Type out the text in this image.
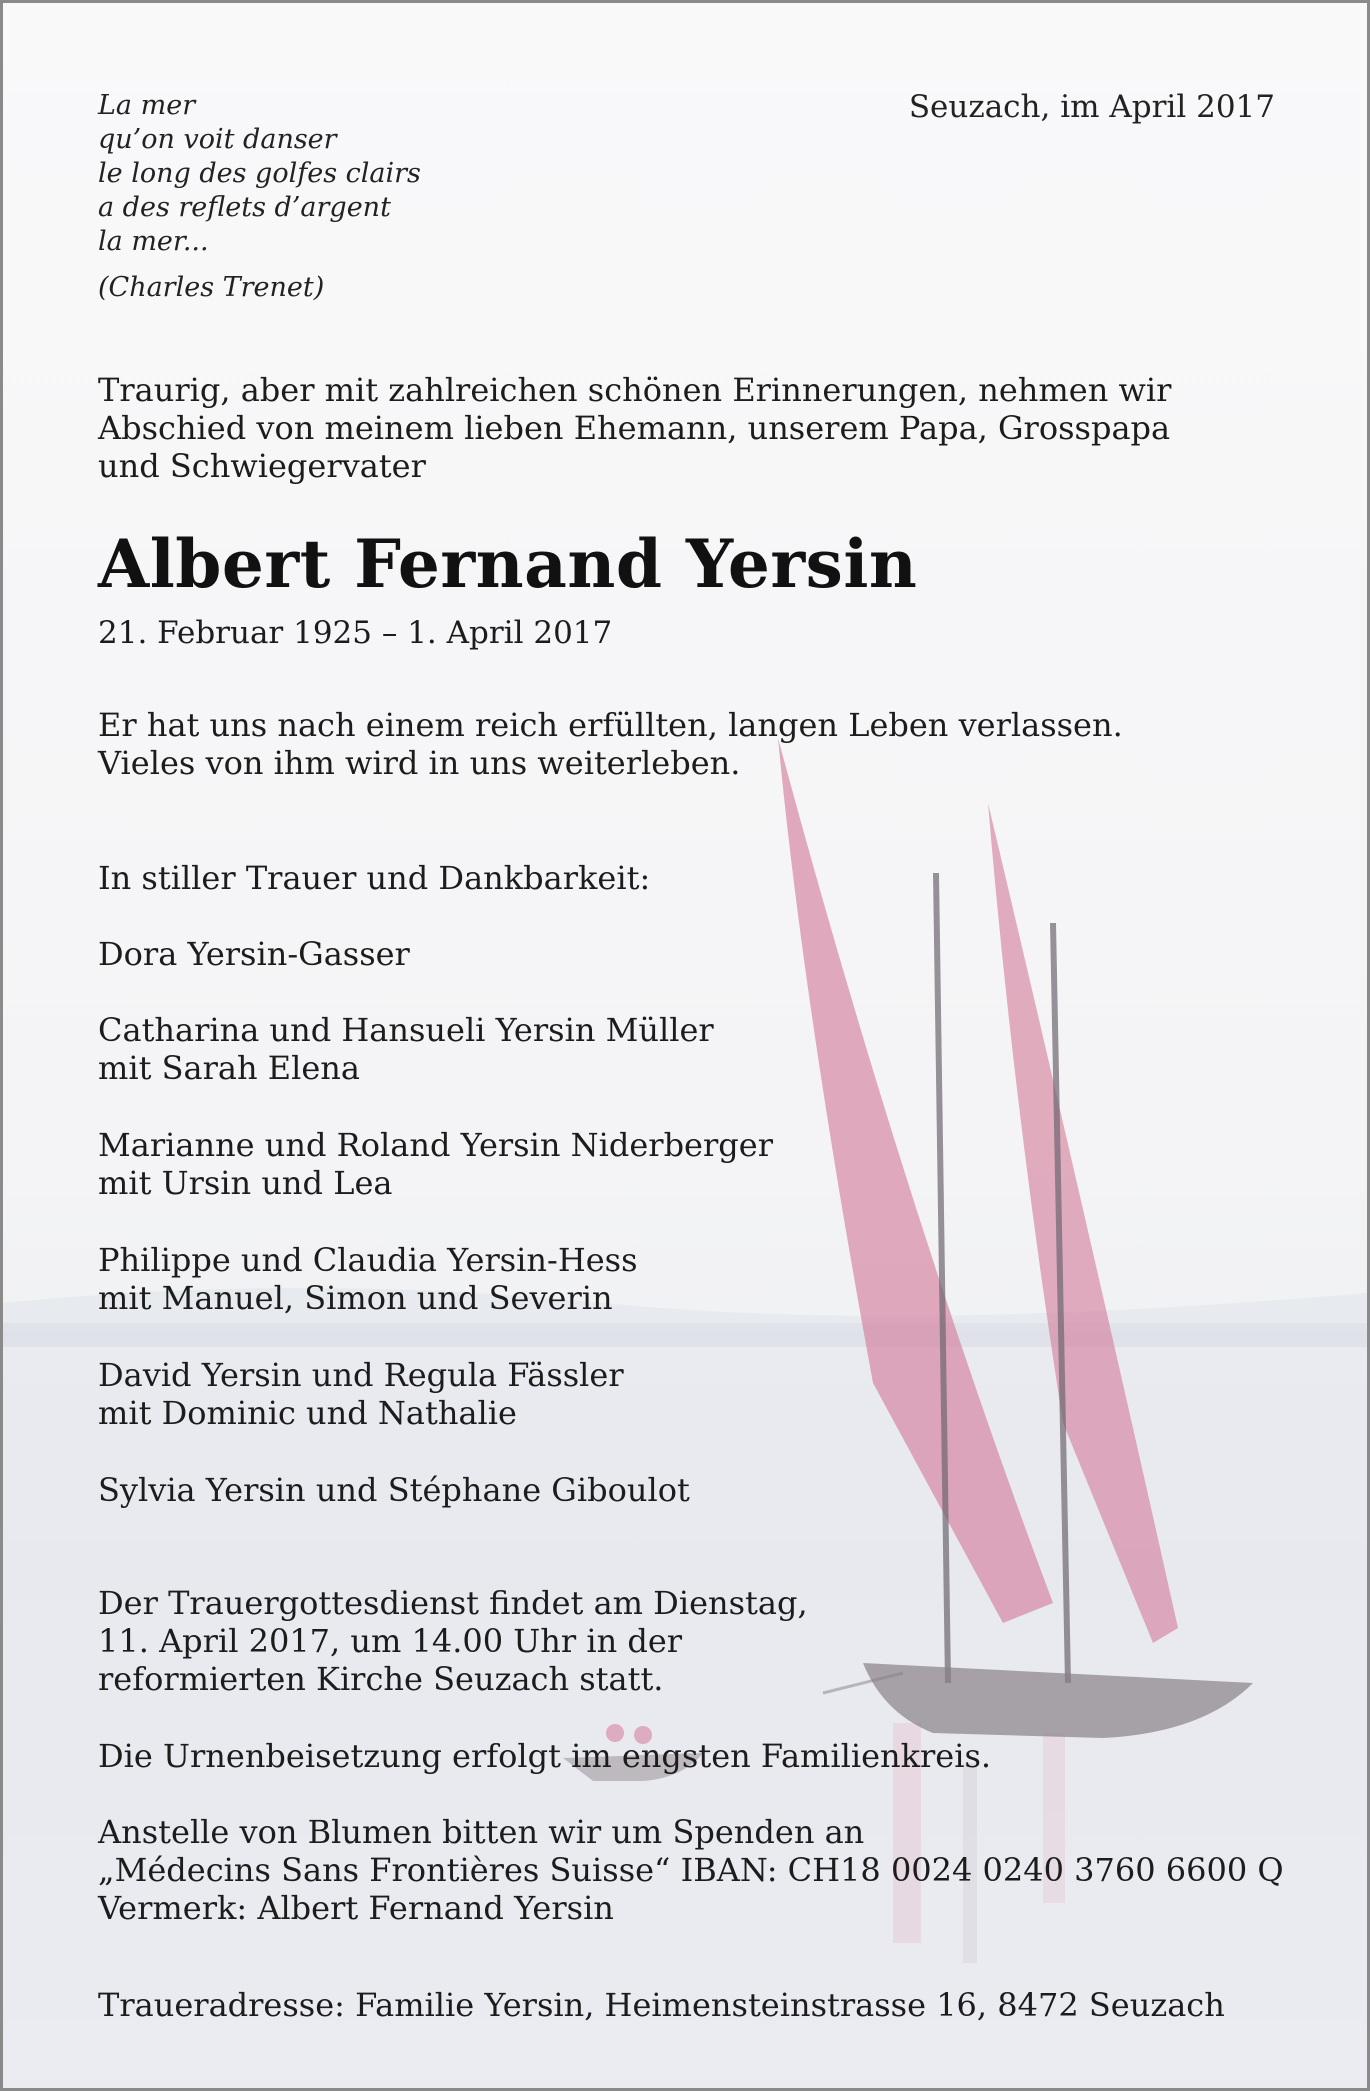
La mer
qu’on voit danser
le long des golfes clairs
a des reflets d’argent
la mer...
(Charles Trenet)
Seuzach, im April 2017
Traurig, aber mit zahlreichen schönen Erinnerungen, nehmen wir
Abschied von meinem lieben Ehemann, unserem Papa, Grosspapa
und Schwiegervater
Albert Fernand Yersin
21. Februar 1925 – 1. April 2017
Er hat uns nach einem reich erfüllten, langen Leben verlassen.
Vieles von ihm wird in uns weiterleben.
In stiller Trauer und Dankbarkeit:
Dora Yersin-Gasser
Catharina und Hansueli Yersin Müller
mit Sarah Elena
Marianne und Roland Yersin Niderberger
mit Ursin und Lea
Philippe und Claudia Yersin-Hess
mit Manuel, Simon und Severin
David Yersin und Regula Fässler
mit Dominic und Nathalie
Sylvia Yersin und Stéphane Giboulot
Der Trauergottesdienst findet am Dienstag,
11. April 2017, um 14.00 Uhr in der
reformierten Kirche Seuzach statt.
Die Urnenbeisetzung erfolgt im engsten Familienkreis.
Anstelle von Blumen bitten wir um Spenden an
„Médecins Sans Frontières Suisse“ IBAN: CH18 0024 0240 3760 6600 Q
Vermerk: Albert Fernand Yersin
Traueradresse: Familie Yersin, Heimensteinstrasse 16, 8472 Seuzach
